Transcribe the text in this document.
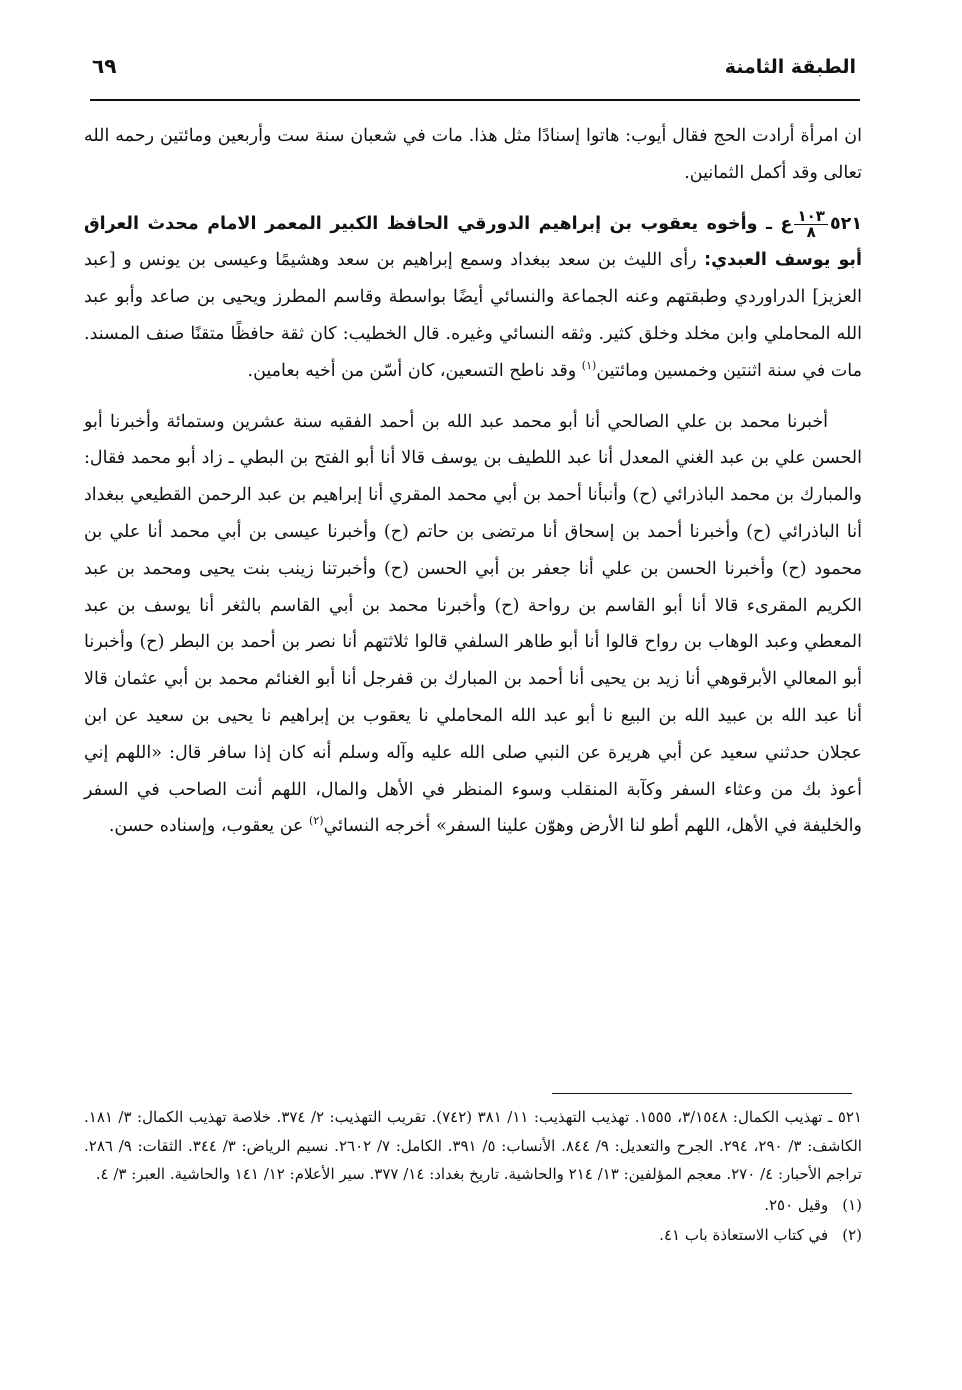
الطبقة الثامنة
٦٩

ان امرأة أرادت الحج فقال أيوب: هاتوا إسنادًا مثل هذا. مات في شعبان سنة ست وأربعين ومائتين رحمه الله تعالى وقد أكمل الثمانين.

٥٢١
$\frac{١٠٣}{٨}$
ع ـ وأخوه يعقوب بن إبراهيم الدورقي الحافظ الكبير المعمر الامام محدث العراق أبو يوسف العبدي: رأى الليث بن سعد ببغداد وسمع إبراهيم بن سعد وهشيمًا وعيسى بن يونس و [عبد العزيز] الدراوردي وطبقتهم وعنه الجماعة والنسائي أيضًا بواسطة وقاسم المطرز ويحيى بن صاعد وأبو عبد الله المحاملي وابن مخلد وخلق كثير. وثقه النسائي وغيره. قال الخطيب: كان ثقة حافظًا متقنًا صنف المسند. مات في سنة اثنتين وخمسين ومائتين$^{(١)}$ وقد ناطح التسعين، كان أسّن من أخيه بعامين.

أخبرنا محمد بن علي الصالحي أنا أبو محمد عبد الله بن أحمد الفقيه سنة عشرين وستمائة وأخبرنا أبو الحسن علي بن عبد الغني المعدل أنا عبد اللطيف بن يوسف قالا أنا أبو الفتح بن البطي ـ زاد أبو محمد فقال: والمبارك بن محمد الباذرائي (ح) وأنبأنا أحمد بن أبي محمد المقري أنا إبراهيم بن عبد الرحمن القطيعي ببغداد أنا الباذرائي (ح) وأخبرنا أحمد بن إسحاق أنا مرتضى بن حاتم (ح) وأخبرنا عيسى بن أبي محمد أنا علي بن محمود (ح) وأخبرنا الحسن بن علي أنا جعفر بن أبي الحسن (ح) وأخبرتنا زينب بنت يحيى ومحمد بن عبد الكريم المقرىء قالا أنا أبو القاسم بن رواحة (ح) وأخبرنا محمد بن أبي القاسم بالثغر أنا يوسف بن عبد المعطي وعبد الوهاب بن رواح قالوا أنا أبو طاهر السلفي قالوا ثلاثتهم أنا نصر بن أحمد بن البطر (ح) وأخبرنا أبو المعالي الأبرقوهي أنا زيد بن يحيى أنا أحمد بن المبارك بن قفرجل أنا أبو الغنائم محمد بن أبي عثمان قالا أنا عبد الله بن عبيد الله بن البيع نا أبو عبد الله المحاملي نا يعقوب بن إبراهيم نا يحيى بن سعيد عن ابن عجلان حدثني سعيد عن أبي هريرة عن النبي صلى الله عليه وآله وسلم أنه كان إذا سافر قال: «اللهم إني أعوذ بك من وعثاء السفر وكآبة المنقلب وسوء المنظر في الأهل والمال، اللهم أنت الصاحب في السفر والخليفة في الأهل، اللهم أطو لنا الأرض وهوّن علينا السفر» أخرجه النسائي$^{(٢)}$ عن يعقوب، وإسناده حسن.

٥٢١ ـ تهذيب الكمال: ٣/١٥٤٨، ١٥٥٥. تهذيب التهذيب: ١١/ ٣٨١ (٧٤٢). تقريب التهذيب: ٢/ ٣٧٤. خلاصة تهذيب الكمال: ٣/ ١٨١. الكاشف: ٣/ ٢٩٠، ٢٩٤. الجرح والتعديل: ٩/ ٨٤٤. الأنساب: ٥/ ٣٩١. الكامل: ٧/ ٢٦٠٢. نسيم الرياض: ٣/ ٣٤٤. الثقات: ٩/ ٢٨٦. تراجم الأحبار: ٤/ ٢٧٠. معجم المؤلفين: ١٣/ ٢١٤ والحاشية. تاريخ بغداد: ١٤/ ٣٧٧. سير الأعلام: ١٢/ ١٤١ والحاشية. العبر: ٣/ ٤.

(١)وقيل ٢٥٠.

(٢)في كتاب الاستعاذة باب ٤١.
